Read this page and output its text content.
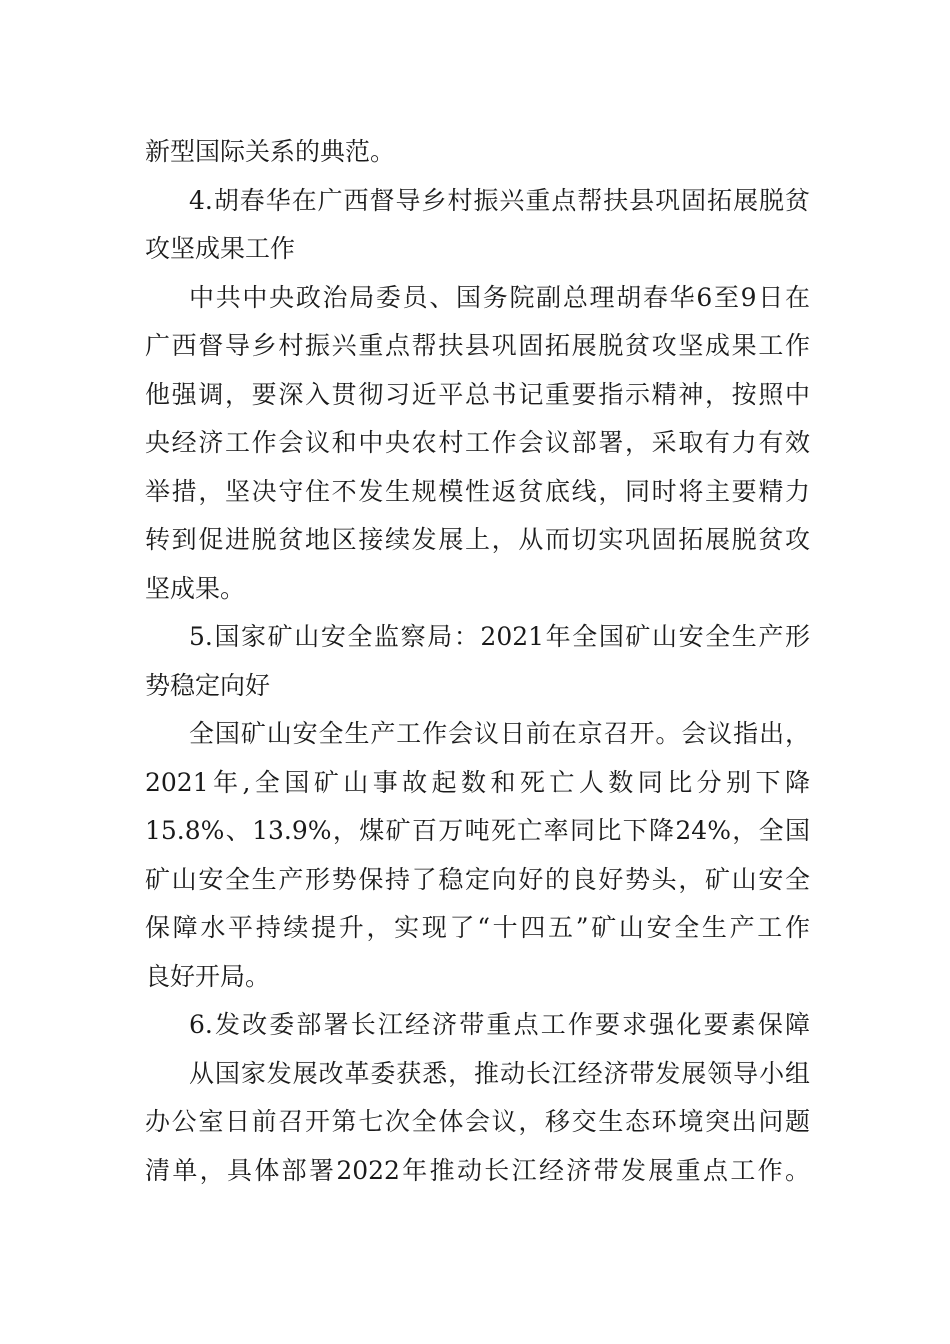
新型国际关系的典范。
4.胡春华在广西督导乡村振兴重点帮扶县巩固拓展脱贫
攻坚成果工作
中共中央政治局委员、国务院副总理胡春华6至9日在
广西督导乡村振兴重点帮扶县巩固拓展脱贫攻坚成果工作
他强调，要深入贯彻习近平总书记重要指示精神，按照中
央经济工作会议和中央农村工作会议部署，采取有力有效
举措，坚决守住不发生规模性返贫底线，同时将主要精力
转到促进脱贫地区接续发展上，从而切实巩固拓展脱贫攻
坚成果。
5.国家矿山安全监察局：2021年全国矿山安全生产形
势稳定向好
全国矿山安全生产工作会议日前在京召开。会议指出，
2021年,全国矿山事故起数和死亡人数同比分别下降
15.8%、13.9%，煤矿百万吨死亡率同比下降24%，全国
矿山安全生产形势保持了稳定向好的良好势头，矿山安全
保障水平持续提升，实现了“十四五”矿山安全生产工作
良好开局。
6.发改委部署长江经济带重点工作要求强化要素保障
从国家发展改革委获悉，推动长江经济带发展领导小组
办公室日前召开第七次全体会议，移交生态环境突出问题
清单，具体部署2022年推动长江经济带发展重点工作。
